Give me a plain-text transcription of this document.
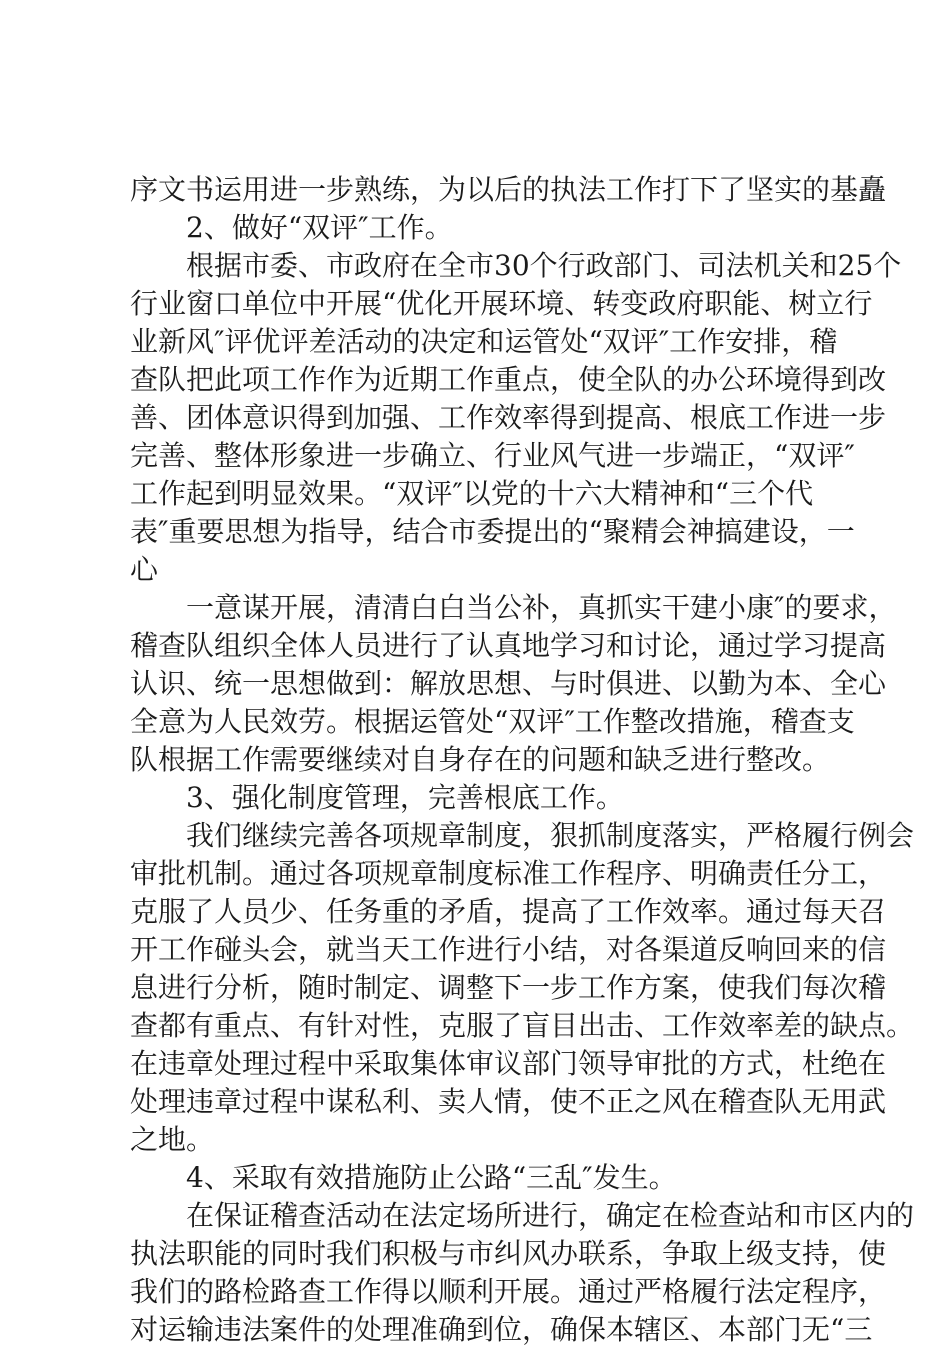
序文书运用进一步熟练，为以后的执法工作打下了坚实的基矗
　　2、做好“双评″工作。
　　根据市委、市政府在全市30个行政部门、司法机关和25个
行业窗口单位中开展“优化开展环境、转变政府职能、树立行
业新风″评优评差活动的决定和运管处“双评″工作安排，稽
查队把此项工作作为近期工作重点，使全队的办公环境得到改
善、团体意识得到加强、工作效率得到提高、根底工作进一步
完善、整体形象进一步确立、行业风气进一步端正，“双评″
工作起到明显效果。“双评″以党的十六大精神和“三个代
表″重要思想为指导，结合市委提出的“聚精会神搞建设，一
心
　　一意谋开展，清清白白当公补，真抓实干建小康″的要求，
稽查队组织全体人员进行了认真地学习和讨论，通过学习提高
认识、统一思想做到：解放思想、与时俱进、以勤为本、全心
全意为人民效劳。根据运管处“双评″工作整改措施，稽查支
队根据工作需要继续对自身存在的问题和缺乏进行整改。
　　3、强化制度管理，完善根底工作。
　　我们继续完善各项规章制度，狠抓制度落实，严格履行例会
审批机制。通过各项规章制度标准工作程序、明确责任分工，
克服了人员少、任务重的矛盾，提高了工作效率。通过每天召
开工作碰头会，就当天工作进行小结，对各渠道反响回来的信
息进行分析，随时制定、调整下一步工作方案，使我们每次稽
查都有重点、有针对性，克服了盲目出击、工作效率差的缺点。
在违章处理过程中采取集体审议部门领导审批的方式，杜绝在
处理违章过程中谋私利、卖人情，使不正之风在稽查队无用武
之地。
　　4、采取有效措施防止公路“三乱″发生。
　　在保证稽查活动在法定场所进行，确定在检查站和市区内的
执法职能的同时我们积极与市纠风办联系，争取上级支持，使
我们的路检路查工作得以顺利开展。通过严格履行法定程序，
对运输违法案件的处理准确到位，确保本辖区、本部门无“三
